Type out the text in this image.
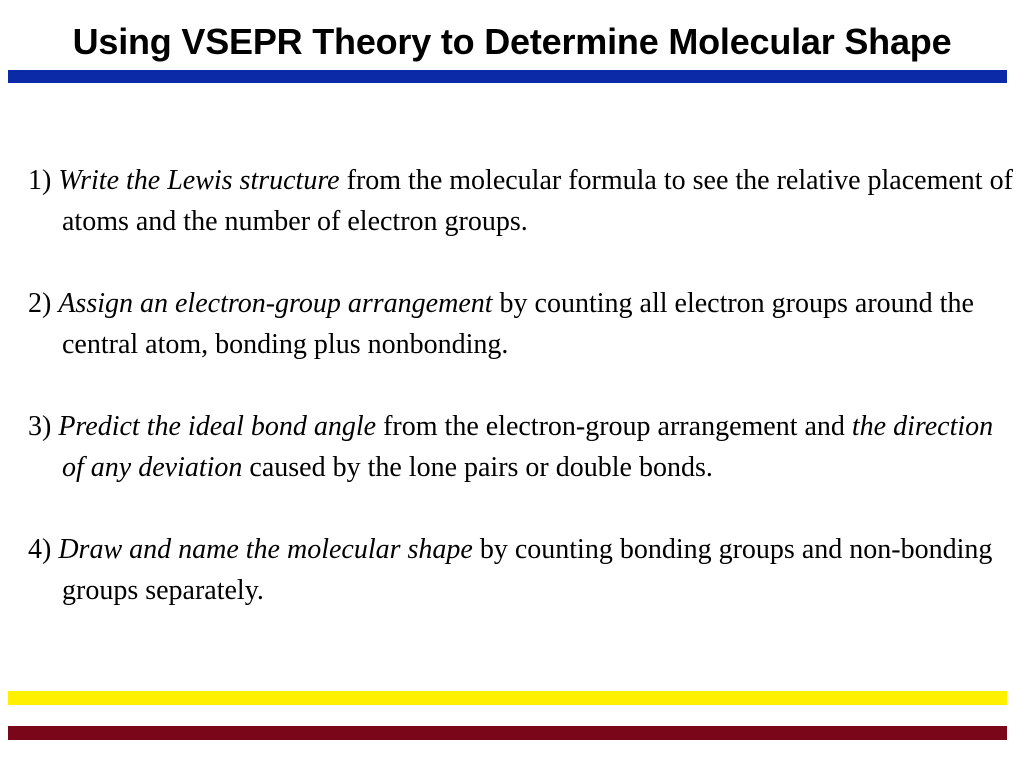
Using VSEPR Theory to Determine Molecular Shape

1) Write the Lewis structure from the molecular formula to see the relative placement of atoms and the number of electron groups.

2) Assign an electron-group arrangement by counting all electron groups around the central atom, bonding plus nonbonding.

3) Predict the ideal bond angle from the electron-group arrangement and the direction of any deviation caused by the lone pairs or double bonds.

4) Draw and name the molecular shape by counting bonding groups and non-bonding groups separately.
